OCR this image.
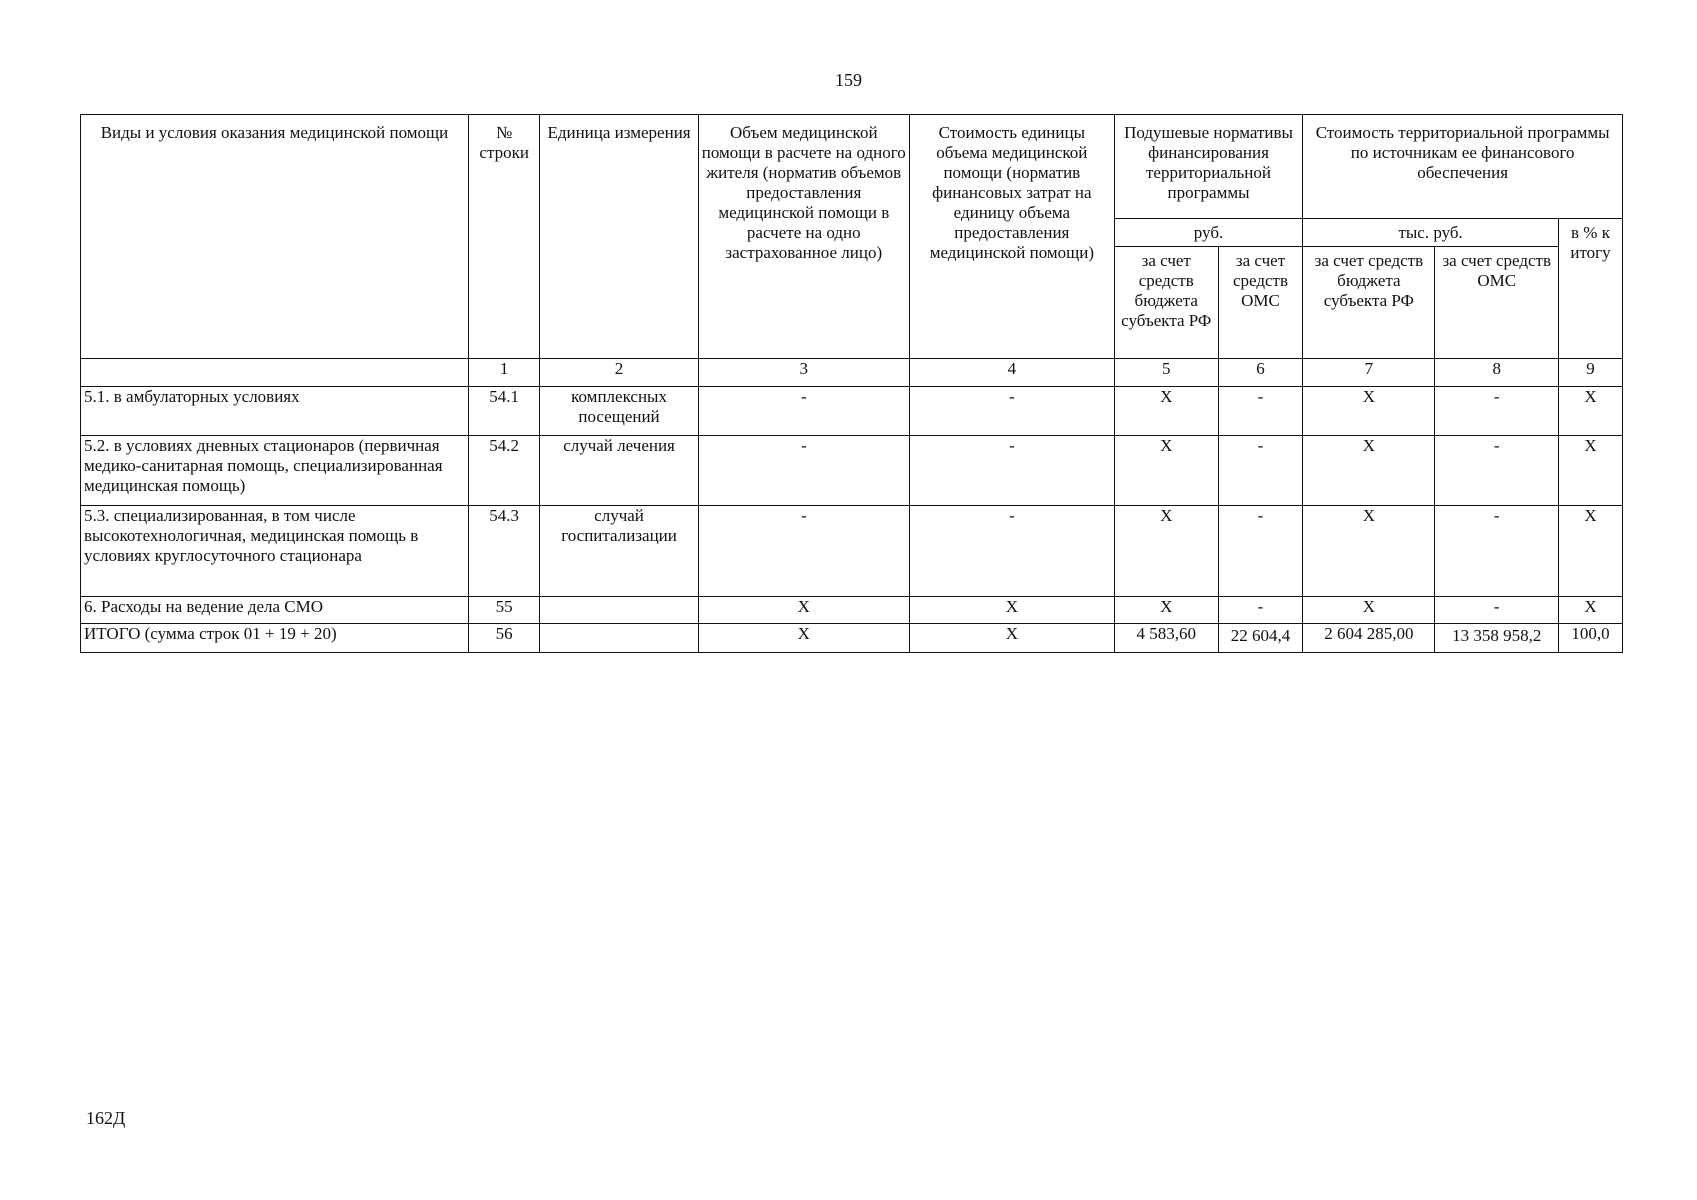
159
Виды и условия оказания медицинской помощи	№ строки	Единица измерения	Объем медицинской помощи в расчете на одного жителя (норматив объемов предоставления медицинской помощи в расчете на одно застрахованное лицо)	Стоимость единицы объема медицинской помощи (норматив финансовых затрат на единицу объема предоставления медицинской помощи)	Подушевые нормативы финансирования территориальной программы		Стоимость территориальной программы по источникам ее финансового обеспечения		
					руб.		тыс. руб.		в % к итогу
					за счет средств бюджета субъекта РФ	за счет средств ОМС	за счет средств бюджета субъекта РФ	за счет средств ОМС	
	1	2	3	4	5	6	7	8	9
5.1. в амбулаторных условиях	54.1	комплексных посещений	-	-	X	-	X	-	X
5.2. в условиях дневных стационаров (первичная медико-санитарная помощь, специализированная медицинская помощь)	54.2	случай лечения	-	-	X	-	X	-	X
5.3. специализированная, в том числе высокотехнологичная, медицинская помощь в условиях круглосуточного стационара	54.3	случай госпитализации	-	-	X	-	X	-	X
6. Расходы на ведение дела СМО	55		X	X	X	-	X	-	X
ИТОГО (сумма строк 01 + 19 + 20)	56		X	X	4 583,60	22 604,4	2 604 285,00	13 358 958,2	100,0
162Д
